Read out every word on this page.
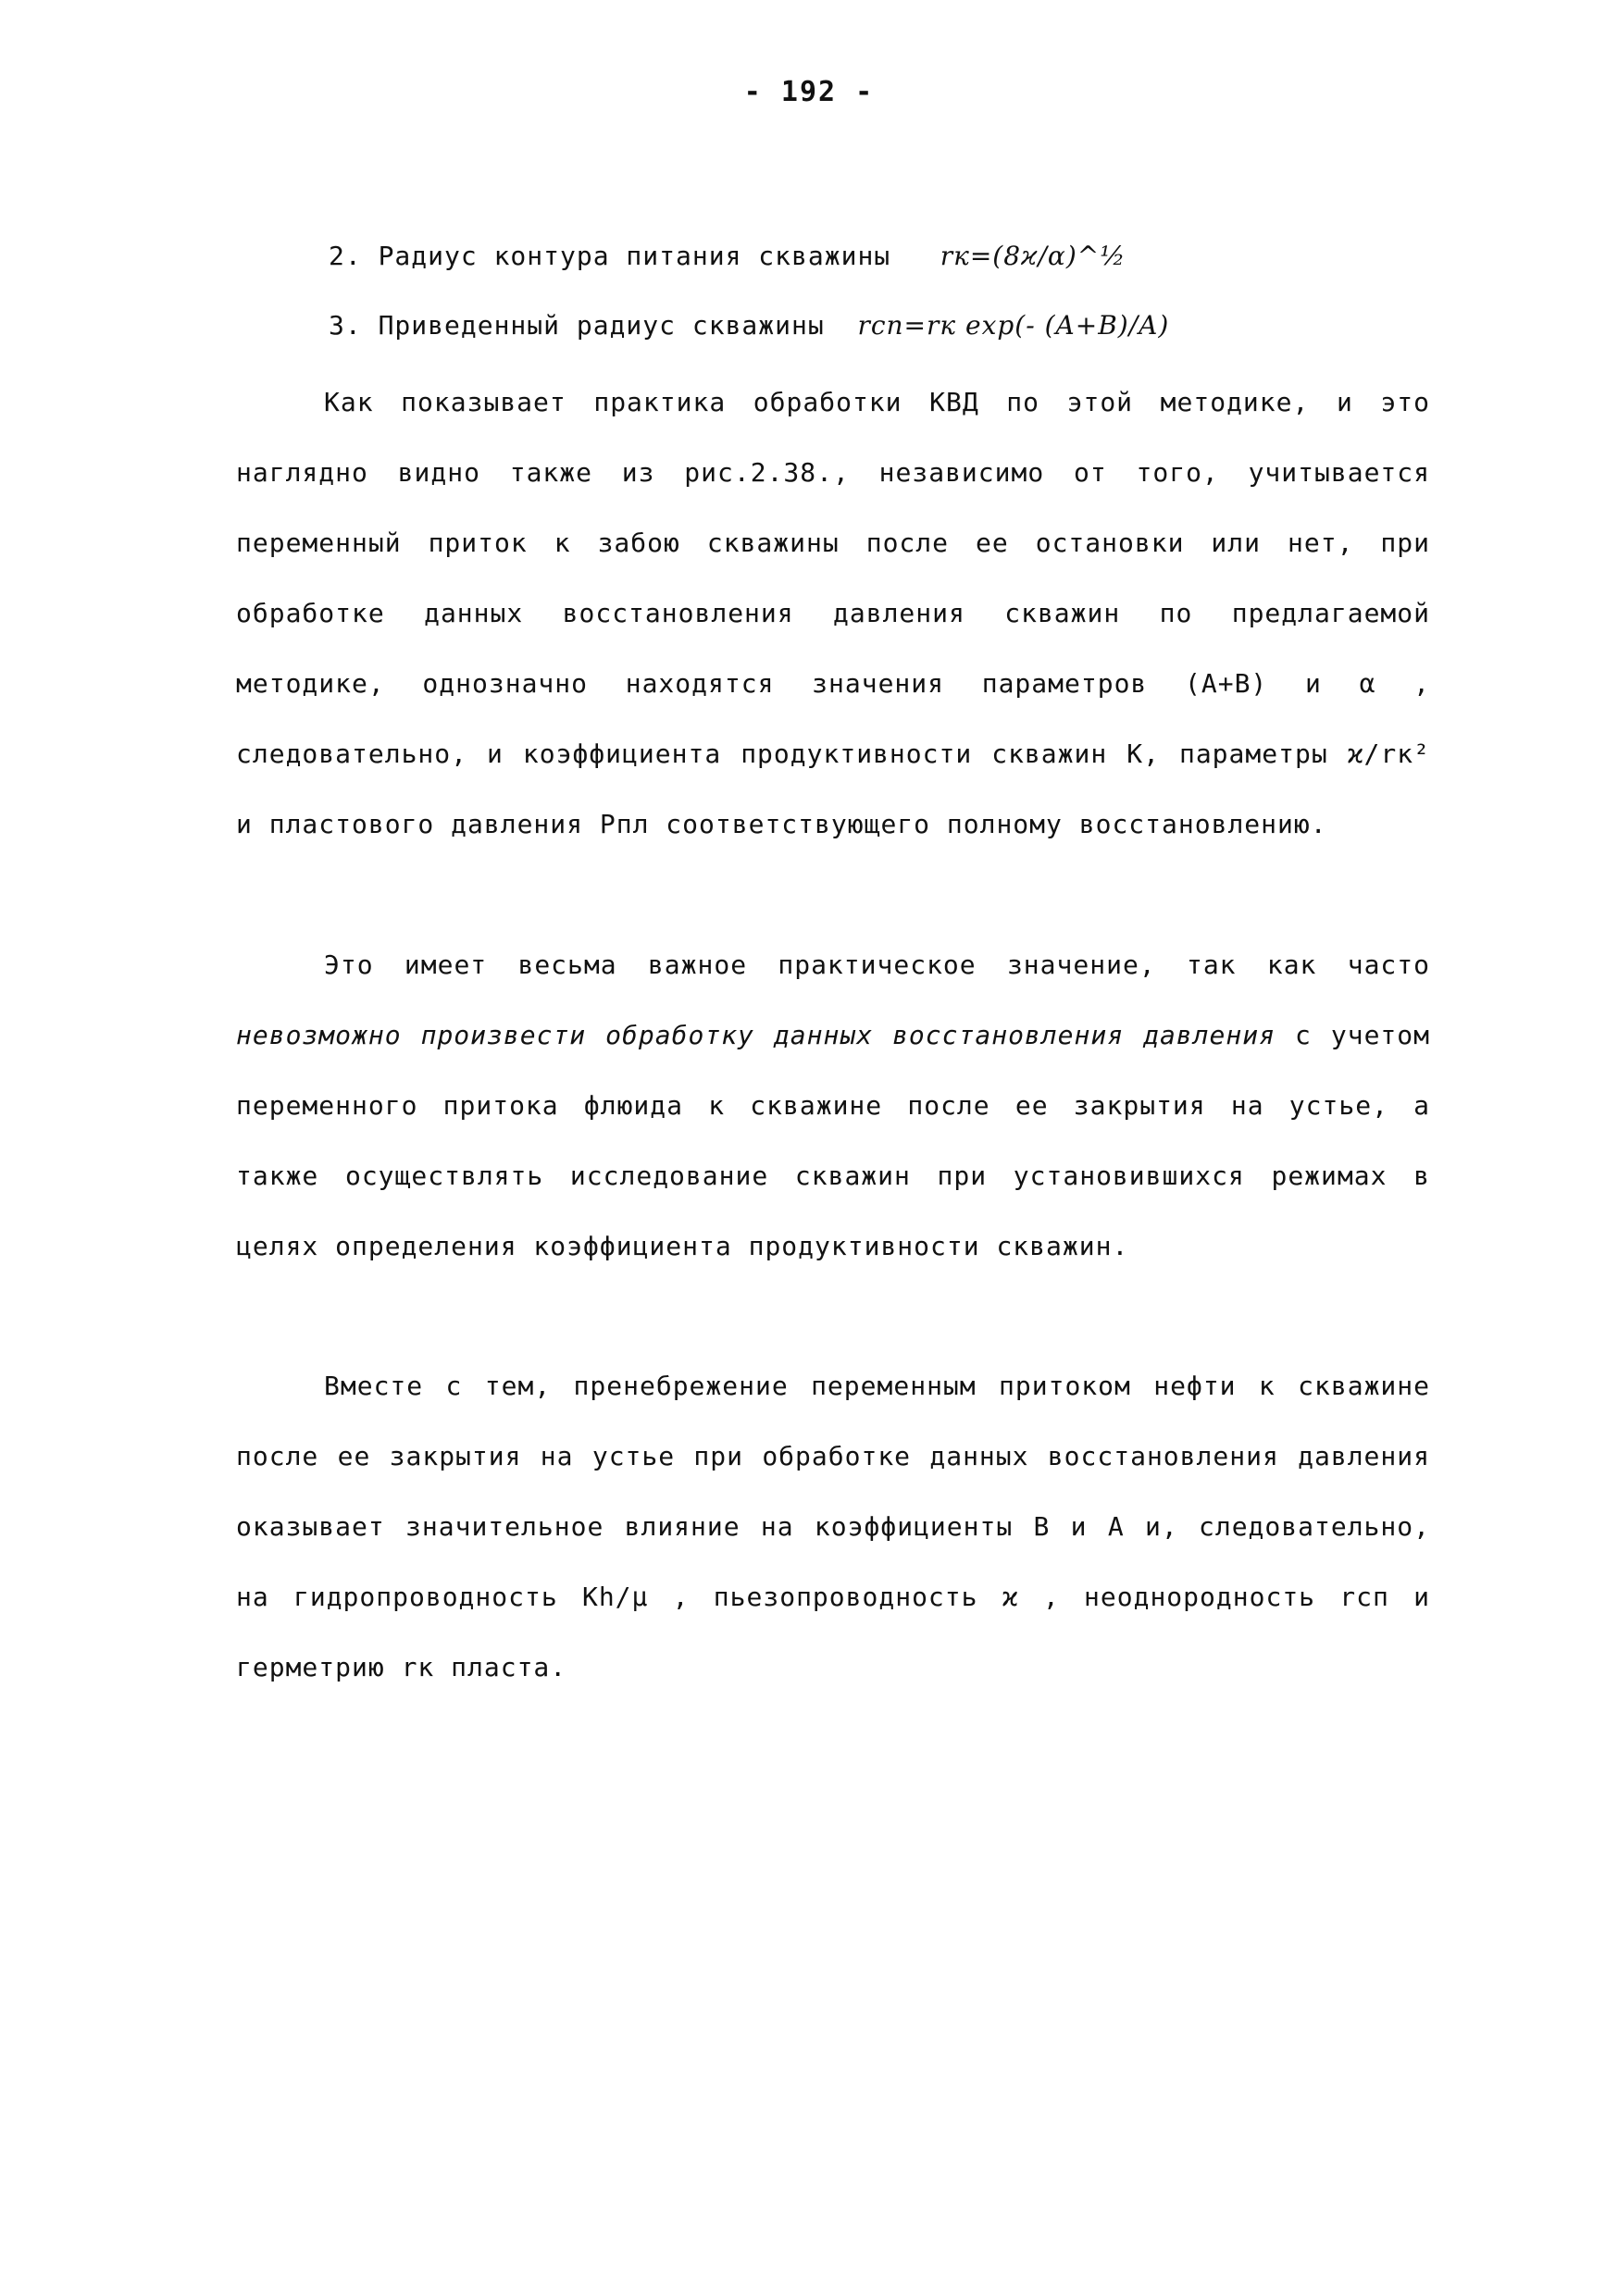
- 192 -
2. Радиус контура питания скважины rк=(8ϰ/α)^½
3. Приведенный радиус скважины rсп=rк exp(- (A+B)/A)
Как показывает практика обработки КВД по этой методике, и это наглядно видно также из рис.2.38., независимо от того, учитывается переменный приток к забою скважины после ее остановки или нет, при обработке данных восстановления давления скважин по предлагаемой методике, однозначно находятся значения параметров (А+В) и α , следовательно, и коэффициента продуктивности скважин К, параметры ϰ/rк² и пластового давления Pпл соответствующего полному восстановлению.
Это имеет весьма важное практическое значение, так как часто невозможно произвести обработку данных восстановления давления с учетом переменного притока флюида к скважине после ее закрытия на устье, а также осуществлять исследование скважин при установившихся режимах в целях определения коэффициента продуктивности скважин.
Вместе с тем, пренебрежение переменным притоком нефти к скважине после ее закрытия на устье при обработке данных восстановления давления оказывает значительное влияние на коэффициенты В и А и, следовательно, на гидропроводность Kh/μ , пьезопроводность ϰ , неоднородность rсп и герметрию rк пласта.
